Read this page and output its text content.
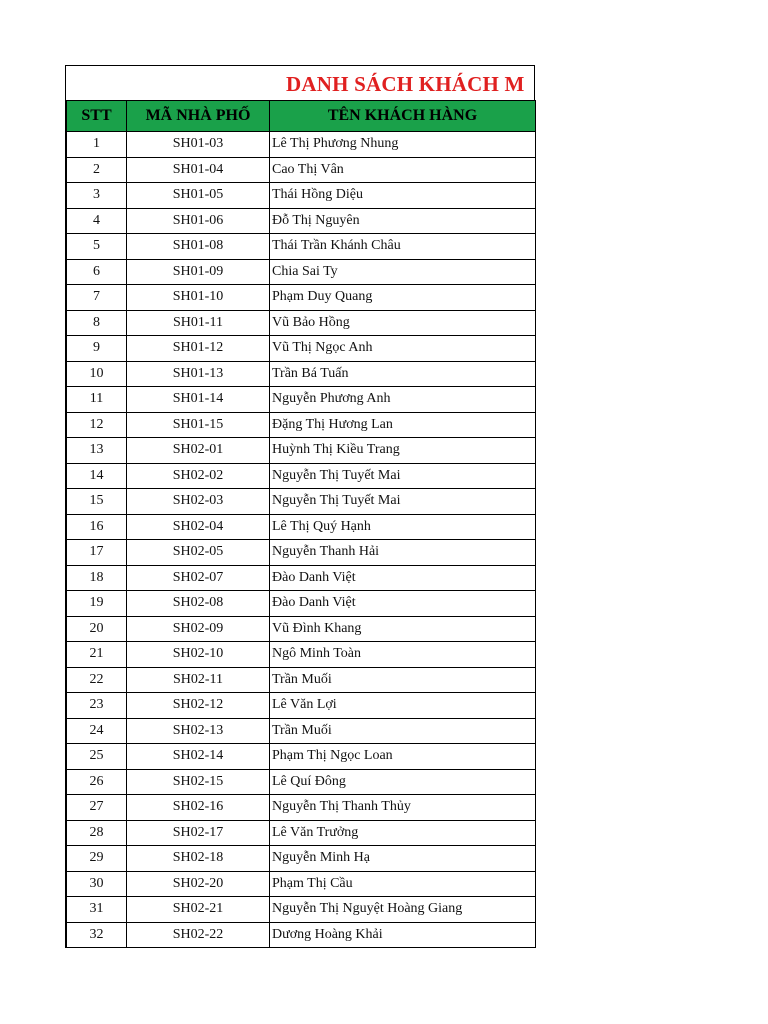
DANH SÁCH KHÁCH M
STT	MÃ NHÀ PHỐ	TÊN KHÁCH HÀNG
1	SH01-03	Lê Thị Phương Nhung
2	SH01-04	Cao Thị Vân
3	SH01-05	Thái Hồng Diệu
4	SH01-06	Đỗ Thị Nguyên
5	SH01-08	Thái Trần Khánh Châu
6	SH01-09	Chia Sai Ty
7	SH01-10	Phạm Duy Quang
8	SH01-11	Vũ Bảo Hồng
9	SH01-12	Vũ Thị Ngọc Anh
10	SH01-13	Trần Bá Tuấn
11	SH01-14	Nguyễn Phương Anh
12	SH01-15	Đặng Thị Hương Lan
13	SH02-01	Huỳnh Thị Kiều Trang
14	SH02-02	Nguyễn Thị Tuyết Mai
15	SH02-03	Nguyễn Thị Tuyết Mai
16	SH02-04	Lê Thị Quý Hạnh
17	SH02-05	Nguyễn Thanh Hải
18	SH02-07	Đào Danh Việt
19	SH02-08	Đào Danh Việt
20	SH02-09	Vũ Đình Khang
21	SH02-10	Ngô Minh Toàn
22	SH02-11	Trần Muối
23	SH02-12	Lê Văn Lợi
24	SH02-13	Trần Muối
25	SH02-14	Phạm Thị Ngọc Loan
26	SH02-15	Lê Quí Đông
27	SH02-16	Nguyễn Thị Thanh Thủy
28	SH02-17	Lê Văn Trưởng
29	SH02-18	Nguyễn Minh Hạ
30	SH02-20	Phạm Thị Cầu
31	SH02-21	Nguyễn Thị Nguyệt Hoàng Giang
32	SH02-22	Dương Hoàng Khải
